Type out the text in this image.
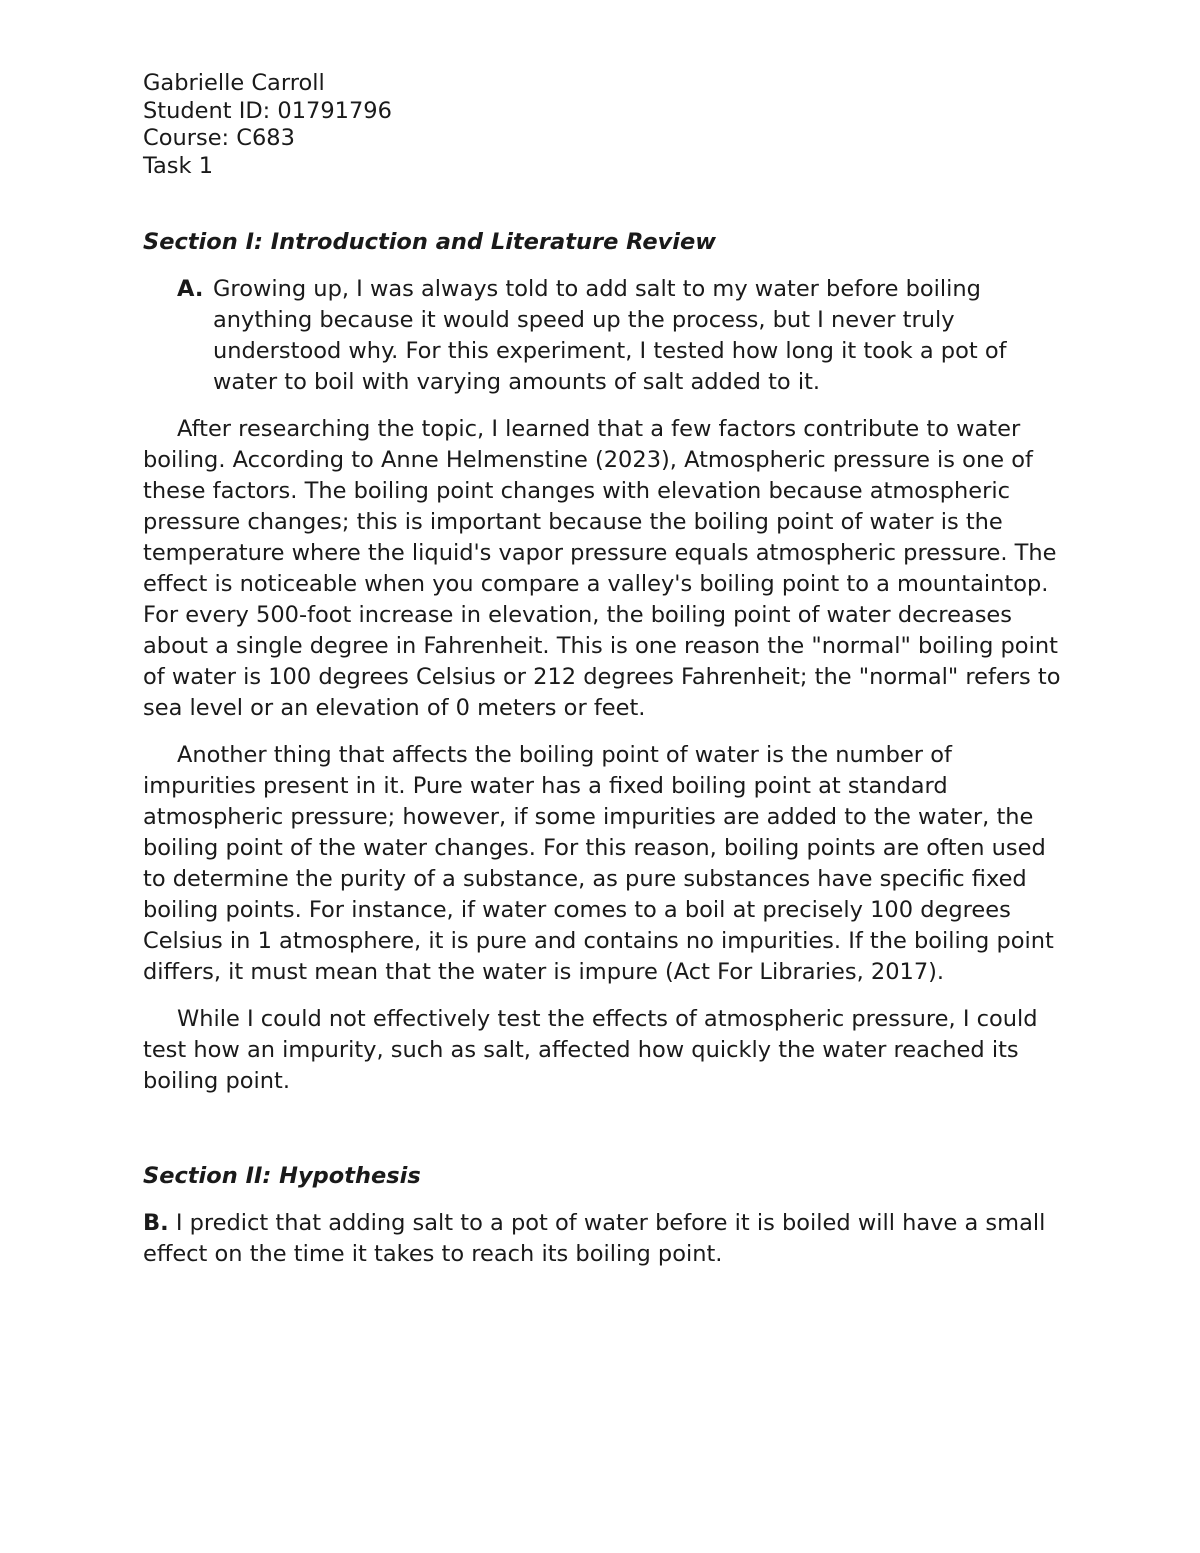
Gabrielle Carroll

Student ID: 01791796

Course: C683

Task 1

Section I: Introduction and Literature Review

A. Growing up, I was always told to add salt to my water before boiling anything because it would speed up the process, but I never truly understood why. For this experiment, I tested how long it took a pot of water to boil with varying amounts of salt added to it.

After researching the topic, I learned that a few factors contribute to water boiling. According to Anne Helmenstine (2023), Atmospheric pressure is one of these factors. The boiling point changes with elevation because atmospheric pressure changes; this is important because the boiling point of water is the temperature where the liquid's vapor pressure equals atmospheric pressure. The effect is noticeable when you compare a valley's boiling point to a mountaintop. For every 500-foot increase in elevation, the boiling point of water decreases about a single degree in Fahrenheit. This is one reason the "normal" boiling point of water is 100 degrees Celsius or 212 degrees Fahrenheit; the "normal" refers to sea level or an elevation of 0 meters or feet.

Another thing that affects the boiling point of water is the number of impurities present in it. Pure water has a fixed boiling point at standard atmospheric pressure; however, if some impurities are added to the water, the boiling point of the water changes. For this reason, boiling points are often used to determine the purity of a substance, as pure substances have specific fixed boiling points. For instance, if water comes to a boil at precisely 100 degrees Celsius in 1 atmosphere, it is pure and contains no impurities. If the boiling point differs, it must mean that the water is impure (Act For Libraries, 2017).

While I could not effectively test the effects of atmospheric pressure, I could test how an impurity, such as salt, affected how quickly the water reached its boiling point.

Section II: Hypothesis

B. I predict that adding salt to a pot of water before it is boiled will have a small effect on the time it takes to reach its boiling point.
